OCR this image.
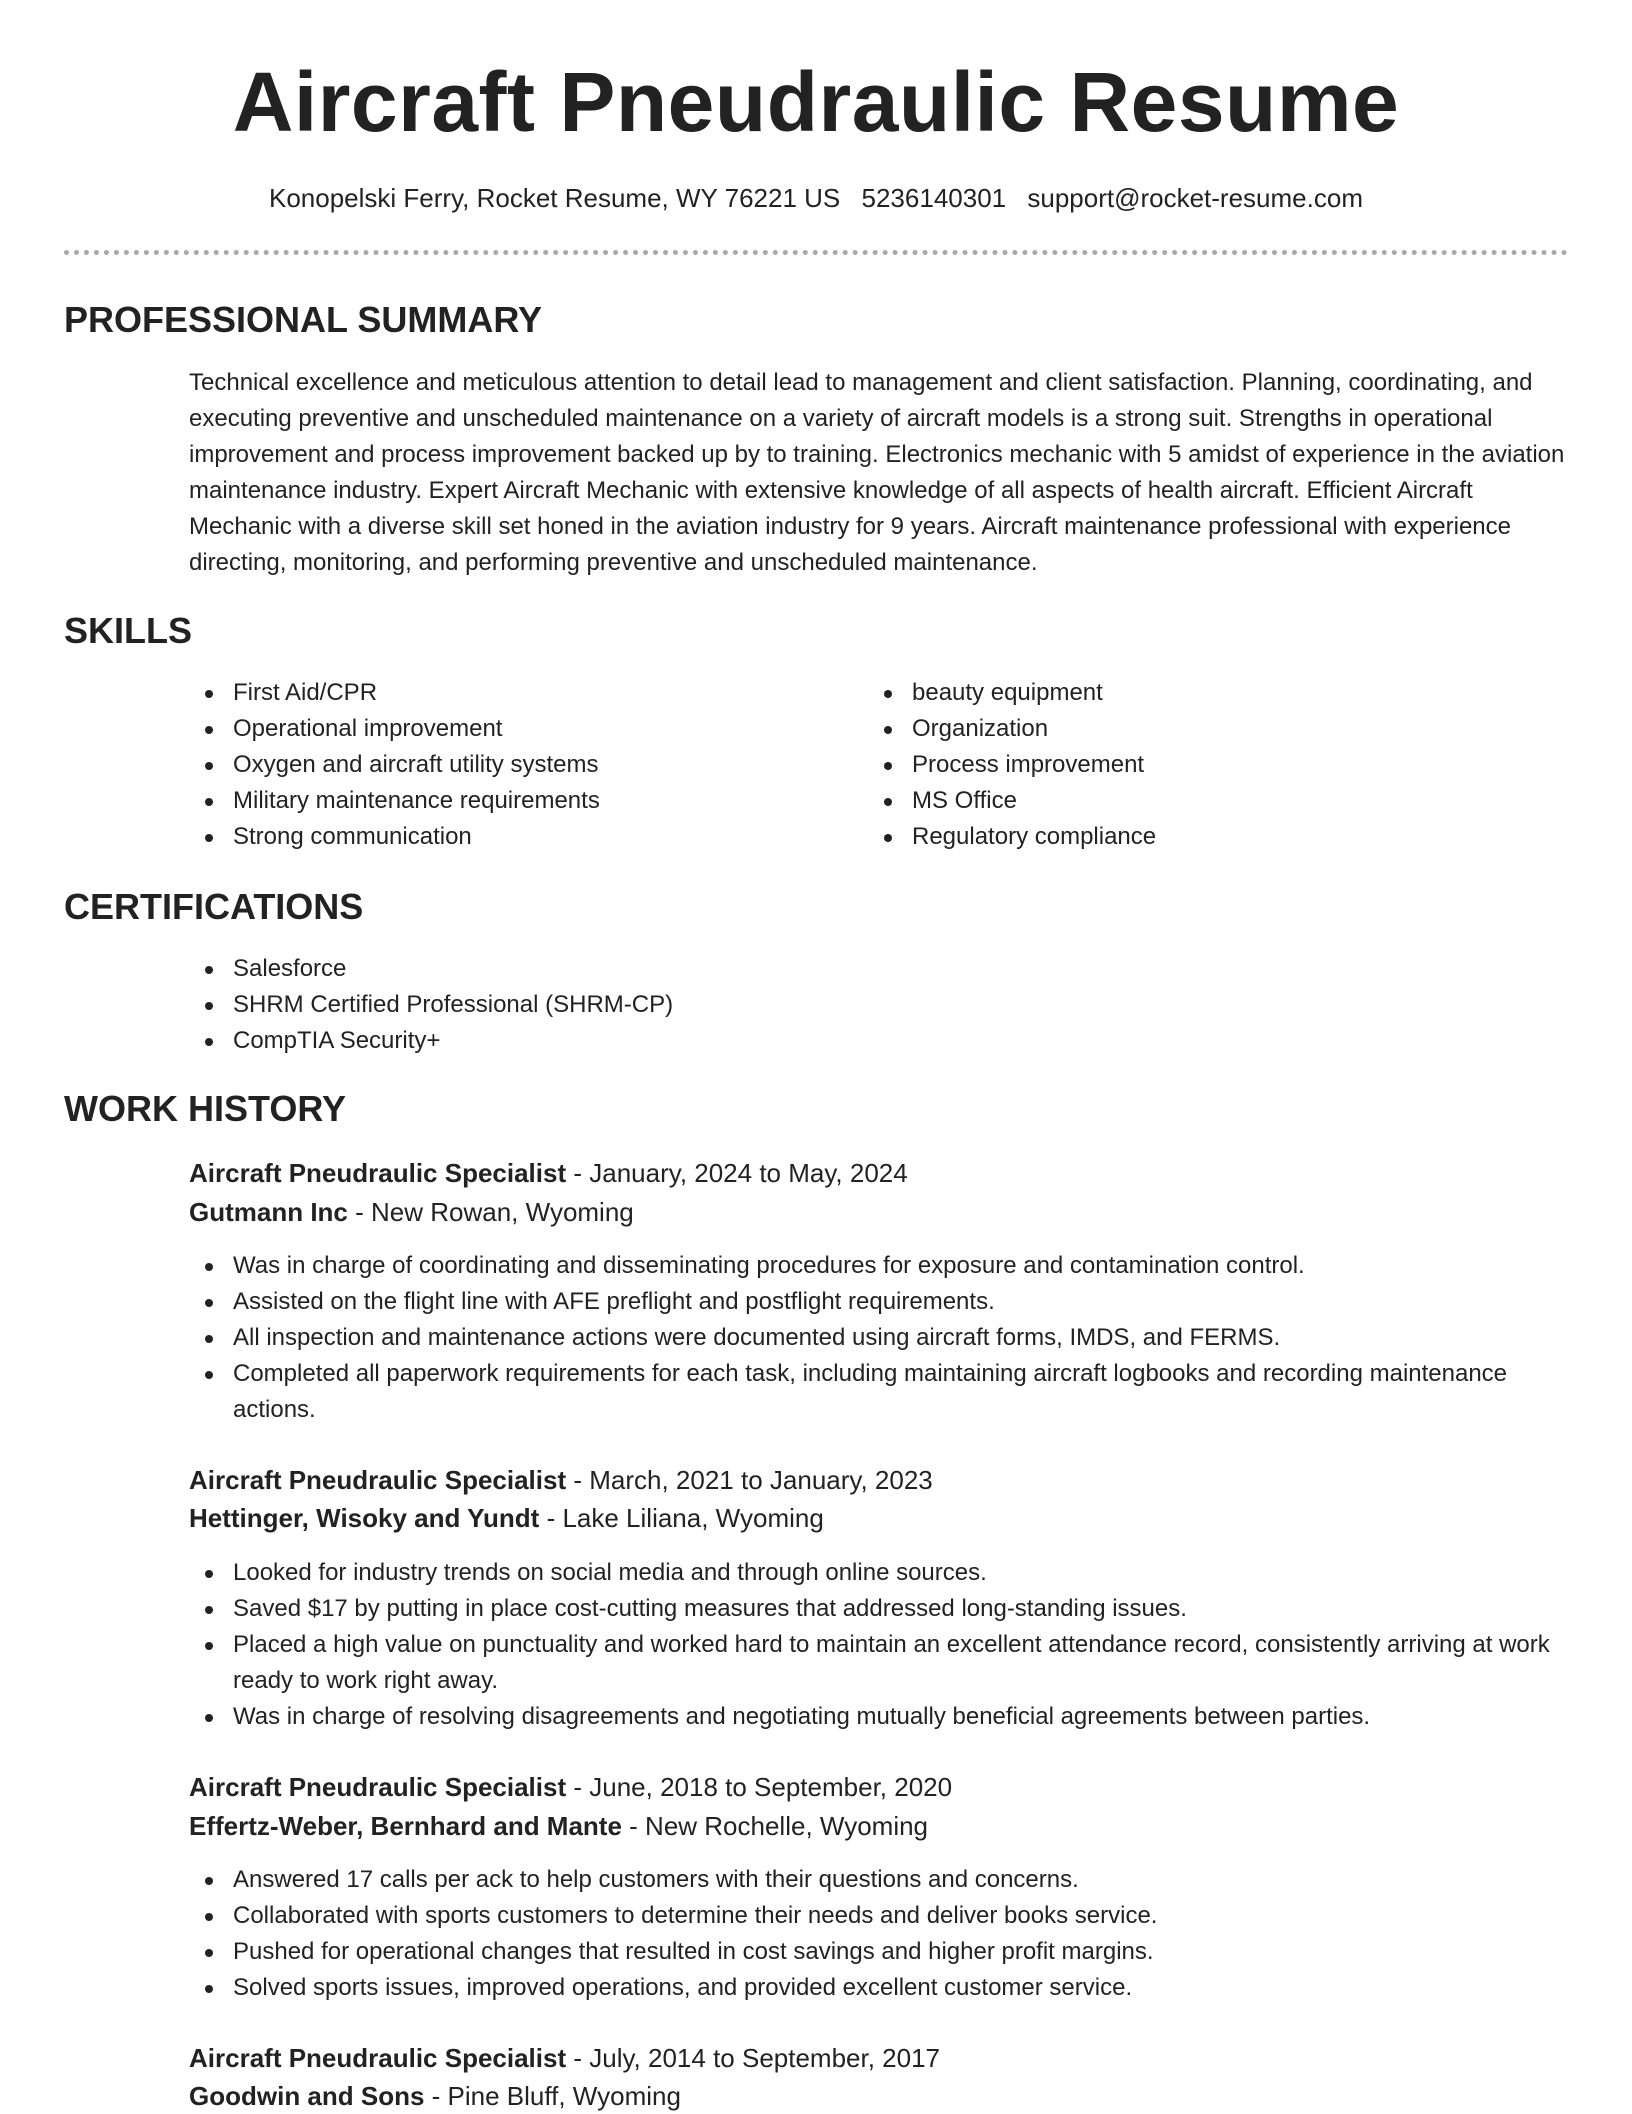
Aircraft Pneudraulic Resume
Konopelski Ferry, Rocket Resume, WY 76221 US 5236140301 support@rocket-resume.com
PROFESSIONAL SUMMARY

Technical excellence and meticulous attention to detail lead to management and client satisfaction. Planning, coordinating, and executing preventive and unscheduled maintenance on a variety of aircraft models is a strong suit. Strengths in operational improvement and process improvement backed up by to training. Electronics mechanic with 5 amidst of experience in the aviation maintenance industry. Expert Aircraft Mechanic with extensive knowledge of all aspects of health aircraft. Efficient Aircraft Mechanic with a diverse skill set honed in the aviation industry for 9 years. Aircraft maintenance professional with experience directing, monitoring, and performing preventive and unscheduled maintenance.

SKILLS
First Aid/CPR
Operational improvement
Oxygen and aircraft utility systems
Military maintenance requirements
Strong communication
beauty equipment
Organization
Process improvement
MS Office
Regulatory compliance
CERTIFICATIONS
Salesforce
SHRM Certified Professional (SHRM-CP)
CompTIA Security+
WORK HISTORY
Aircraft Pneudraulic Specialist - January, 2024 to May, 2024
Gutmann Inc - New Rowan, Wyoming
Was in charge of coordinating and disseminating procedures for exposure and contamination control.
Assisted on the flight line with AFE preflight and postflight requirements.
All inspection and maintenance actions were documented using aircraft forms, IMDS, and FERMS.
Completed all paperwork requirements for each task, including maintaining aircraft logbooks and recording maintenance actions.
Aircraft Pneudraulic Specialist - March, 2021 to January, 2023
Hettinger, Wisoky and Yundt - Lake Liliana, Wyoming
Looked for industry trends on social media and through online sources.
Saved $17 by putting in place cost-cutting measures that addressed long-standing issues.
Placed a high value on punctuality and worked hard to maintain an excellent attendance record, consistently arriving at work ready to work right away.
Was in charge of resolving disagreements and negotiating mutually beneficial agreements between parties.
Aircraft Pneudraulic Specialist - June, 2018 to September, 2020
Effertz-Weber, Bernhard and Mante - New Rochelle, Wyoming
Answered 17 calls per ack to help customers with their questions and concerns.
Collaborated with sports customers to determine their needs and deliver books service.
Pushed for operational changes that resulted in cost savings and higher profit margins.
Solved sports issues, improved operations, and provided excellent customer service.
Aircraft Pneudraulic Specialist - July, 2014 to September, 2017
Goodwin and Sons - Pine Bluff, Wyoming
